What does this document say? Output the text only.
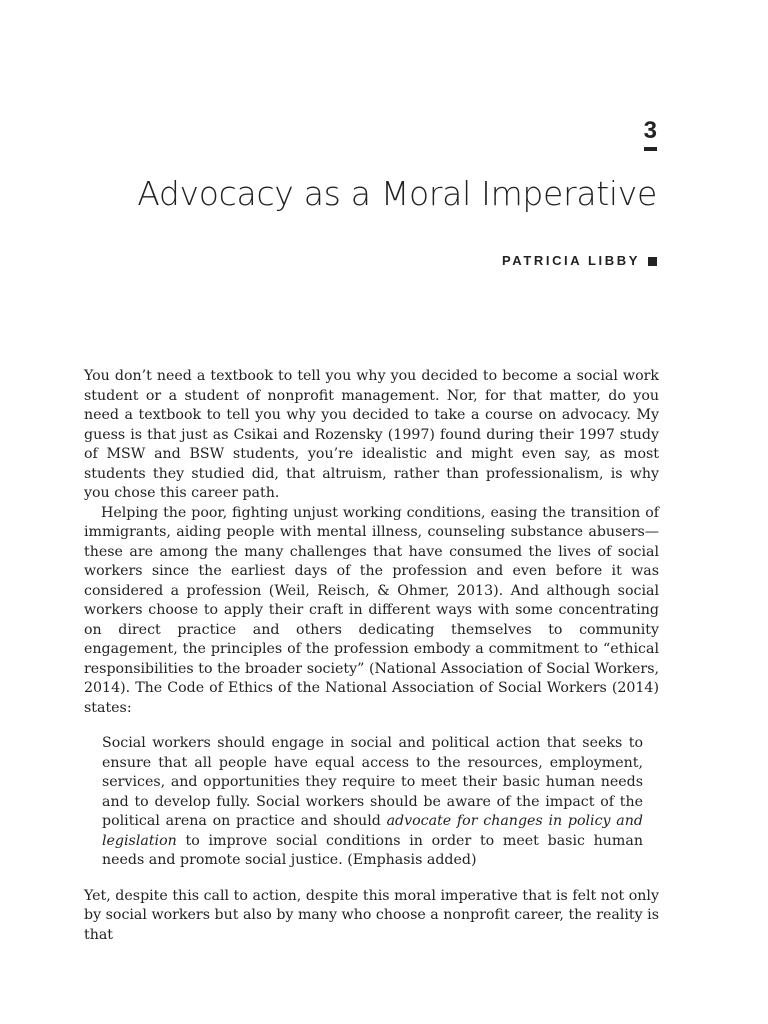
3
Advocacy as a Moral Imperative
PATRICIA LIBBY

You don’t need a textbook to tell you why you decided to become a social work student or a student of nonprofit management. Nor, for that matter, do you need a textbook to tell you why you decided to take a course on advocacy. My guess is that just as Csikai and Rozensky (1997) found during their 1997 study of MSW and BSW students, you’re idealistic and might even say, as most students they studied did, that altruism, rather than professionalism, is why you chose this career path.

Helping the poor, fighting unjust working conditions, easing the transition of immigrants, aiding people with mental illness, counseling substance abusers—these are among the many challenges that have consumed the lives of social workers since the earliest days of the profession and even before it was considered a profession (Weil, Reisch, & Ohmer, 2013). And although social workers choose to apply their craft in different ways with some concentrating on direct practice and others dedicating themselves to community engagement, the principles of the profession embody a commitment to “ethical responsibilities to the broader society” (National Association of Social Workers, 2014). The Code of Ethics of the National Association of Social Workers (2014) states:

Social workers should engage in social and political action that seeks to ensure that all people have equal access to the resources, employment, services, and opportunities they require to meet their basic human needs and to develop fully. Social workers should be aware of the impact of the political arena on practice and should advocate for changes in policy and legislation to improve social conditions in order to meet basic human needs and promote social justice. (Emphasis added)

Yet, despite this call to action, despite this moral imperative that is felt not only by social workers but also by many who choose a nonprofit career, the reality is that
